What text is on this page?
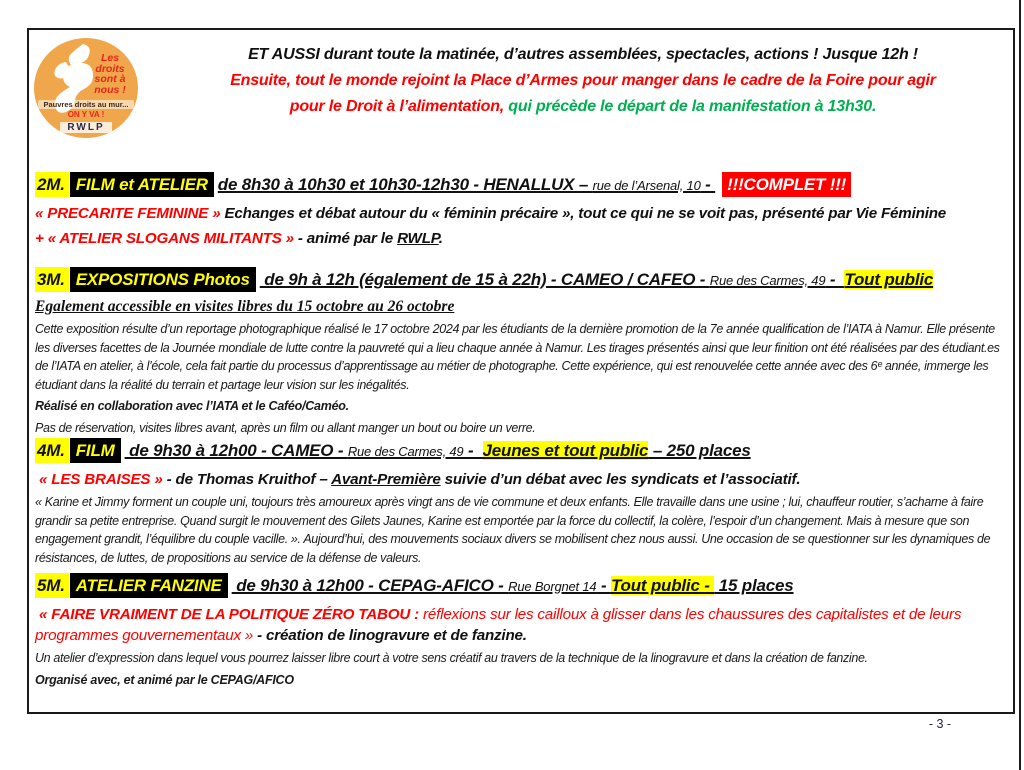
Les droits sont à nous !
Pauvres droits au mur...
ON Y VA !
RWLP
ET AUSSI durant toute la matinée, d’autres assemblées, spectacles, actions ! Jusque 12h !
Ensuite, tout le monde rejoint la Place d’Armes pour manger dans le cadre de la Foire pour agir
pour le Droit à l’alimentation, qui précède le départ de la manifestation à 13h30.
2M. FILM et ATELIER de 8h30 à 10h30 et 10h30-12h30 - HENALLUX – rue de l’Arsenal, 10 - !!!COMPLET !!!
« PRECARITE FEMININE » Echanges et débat autour du « féminin précaire », tout ce qui ne se voit pas, présenté par Vie Féminine
+ « ATELIER SLOGANS MILITANTS » - animé par le RWLP.
3M. EXPOSITIONS Photos de 9h à 12h (également de 15 à 22h) - CAMEO / CAFEO - Rue des Carmes, 49 -  Tout public
Egalement accessible en visites libres du 15 octobre au 26 octobre
Cette exposition résulte d’un reportage photographique réalisé le 17 octobre 2024 par les étudiants de la dernière promotion de la 7e année qualification de l’IATA à Namur. Elle présente les diverses facettes de la Journée mondiale de lutte contre la pauvreté qui a lieu chaque année à Namur. Les tirages présentés ainsi que leur finition ont été réalisées par des étudiant.es de l’IATA en atelier, à l’école, cela fait partie du processus d’apprentissage au métier de photographe. Cette expérience, qui est renouvelée cette année avec des 6ᵉ année, immerge les étudiant dans la réalité du terrain et partage leur vision sur les inégalités.
Réalisé en collaboration avec l’IATA et le Caféo/Caméo.
Pas de réservation, visites libres avant, après un film ou allant manger un bout ou boire un verre.
4M. FILM de 9h30 à 12h00 - CAMEO - Rue des Carmes, 49 -  Jeunes et tout public – 250 places
« LES BRAISES » - de Thomas Kruithof – Avant-Première suivie d’un débat avec les syndicats et l’associatif.
« Karine et Jimmy forment un couple uni, toujours très amoureux après vingt ans de vie commune et deux enfants. Elle travaille dans une usine ; lui, chauffeur routier, s’acharne à faire grandir sa petite entreprise. Quand surgit le mouvement des Gilets Jaunes, Karine est emportée par la force du collectif, la colère, l’espoir d’un changement. Mais à mesure que son engagement grandit, l’équilibre du couple vacille. ». Aujourd’hui, des mouvements sociaux divers se mobilisent chez nous aussi. Une occasion de se questionner sur les dynamiques de résistances, de luttes, de propositions au service de la défense de valeurs.
5M. ATELIER FANZINE de 9h30 à 12h00 - CEPAG-AFICO - Rue Borgnet 14 - Tout public -  15 places
« FAIRE VRAIMENT DE LA POLITIQUE ZÉRO TABOU : réflexions sur les cailloux à glisser dans les chaussures des capitalistes et de leurs programmes gouvernementaux » - création de linogravure et de fanzine.
Un atelier d’expression dans lequel vous pourrez laisser libre court à votre sens créatif au travers de la technique de la linogravure et dans la création de fanzine.
Organisé avec, et animé par le CEPAG/AFICO
- 3 -
